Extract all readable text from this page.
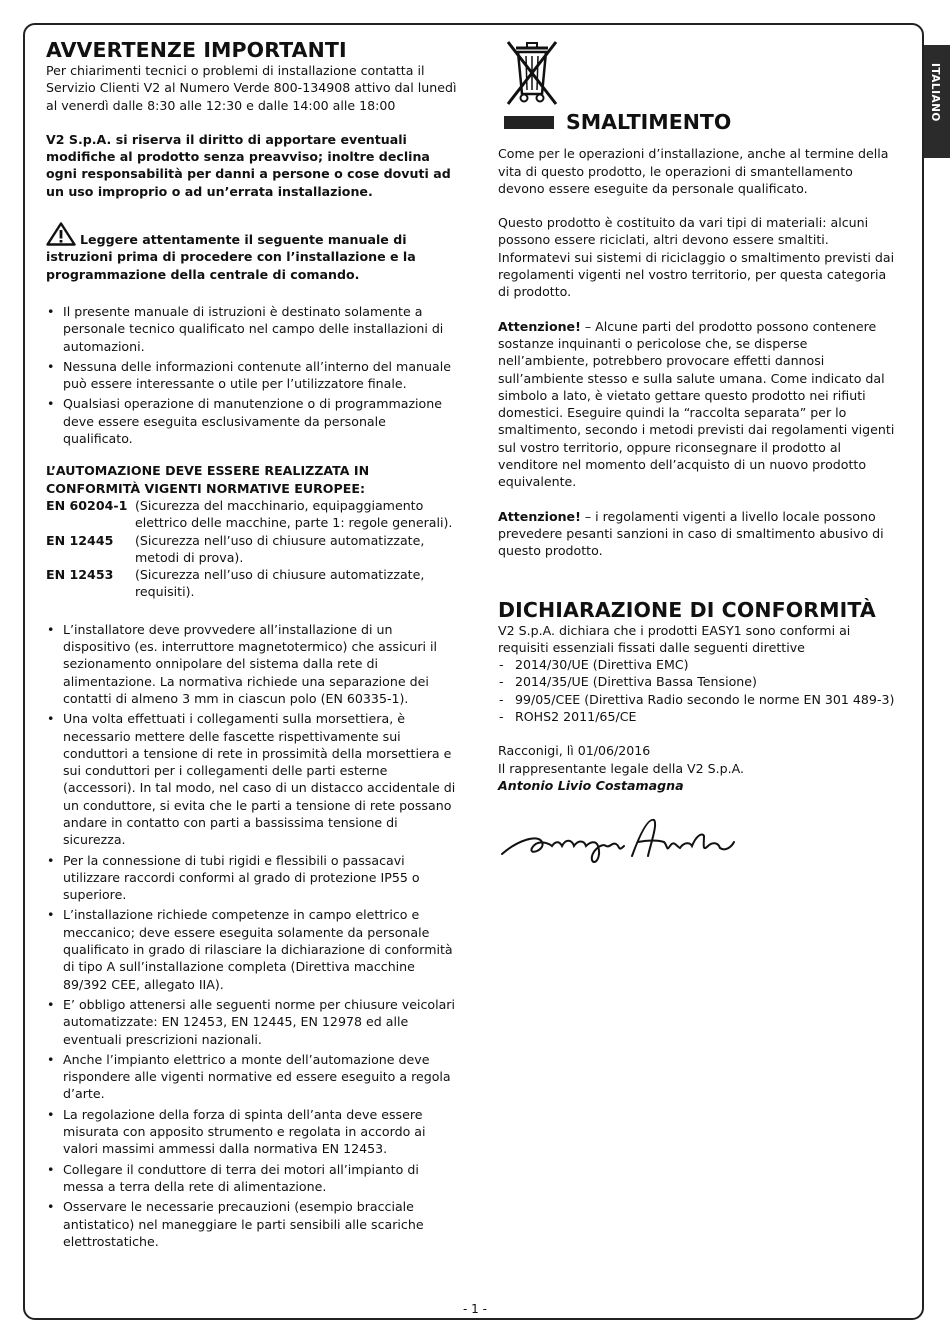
ITALIANO
AVVERTENZE IMPORTANTI

Per chiarimenti tecnici o problemi di installazione contatta il Servizio Clienti V2 al Numero Verde 800-134908 attivo dal lunedì al venerdì dalle 8:30 alle 12:30 e dalle 14:00 alle 18:00

V2 S.p.A. si riserva il diritto di apportare eventuali modifiche al prodotto senza preavviso; inoltre declina ogni responsabilità per danni a persone o cose dovuti ad un uso improprio o ad un’errata installazione.

Leggere attentamente il seguente manuale di istruzioni prima di procedere con l’installazione e la programmazione della centrale di comando.

• Il presente manuale di istruzioni è destinato solamente a personale tecnico qualificato nel campo delle installazioni di automazioni.
• Nessuna delle informazioni contenute all’interno del manuale può essere interessante o utile per l’utilizzatore finale.
• Qualsiasi operazione di manutenzione o di programmazione deve essere eseguita esclusivamente da personale qualificato.

L’AUTOMAZIONE DEVE ESSERE REALIZZATA IN CONFORMITÀ VIGENTI NORMATIVE EUROPEE:

EN 60204-1 (Sicurezza del macchinario, equipaggiamento elettrico delle macchine, parte 1: regole generali).
EN 12445	(Sicurezza nell’uso di chiusure automatizzate, metodi di prova).
EN 12453	(Sicurezza nell’uso di chiusure automatizzate, requisiti).
• L’installatore deve provvedere all’installazione di un dispositivo (es. interruttore magnetotermico) che assicuri il sezionamento onnipolare del sistema dalla rete di alimentazione. La normativa richiede una separazione dei contatti di almeno 3 mm in ciascun polo (EN 60335-1).
• Una volta effettuati i collegamenti sulla morsettiera, è necessario mettere delle fascette rispettivamente sui conduttori a tensione di rete in prossimità della morsettiera e sui conduttori per i collegamenti delle parti esterne (accessori). In tal modo, nel caso di un distacco accidentale di un conduttore, si evita che le parti a tensione di rete possano andare in contatto con parti a bassissima tensione di sicurezza.
• Per la connessione di tubi rigidi e flessibili o passacavi utilizzare raccordi conformi al grado di protezione IP55 o superiore.
• L’installazione richiede competenze in campo elettrico e meccanico; deve essere eseguita solamente da personale qualificato in grado di rilasciare la dichiarazione di conformità di tipo A sull’installazione completa (Direttiva macchine 89/392 CEE, allegato IIA).
• E’ obbligo attenersi alle seguenti norme per chiusure veicolari automatizzate: EN 12453, EN 12445, EN 12978 ed alle eventuali prescrizioni nazionali.
• Anche l’impianto elettrico a monte dell’automazione deve rispondere alle vigenti normative ed essere eseguito a regola d’arte.
• La regolazione della forza di spinta dell’anta deve essere misurata con apposito strumento e regolata in accordo ai valori massimi ammessi dalla normativa EN 12453.
• Collegare il conduttore di terra dei motori all’impianto di messa a terra della rete di alimentazione.
• Osservare le necessarie precauzioni (esempio bracciale antistatico) nel maneggiare le parti sensibili alle scariche elettrostatiche.
SMALTIMENTO

Come per le operazioni d’installazione, anche al termine della vita di questo prodotto, le operazioni di smantellamento devono essere eseguite da personale qualificato.

Questo prodotto è costituito da vari tipi di materiali: alcuni possono essere riciclati, altri devono essere smaltiti. Informatevi sui sistemi di riciclaggio o smaltimento previsti dai regolamenti vigenti nel vostro territorio, per questa categoria di prodotto.

Attenzione! – Alcune parti del prodotto possono contenere sostanze inquinanti o pericolose che, se disperse nell’ambiente, potrebbero provocare effetti dannosi sull’ambiente stesso e sulla salute umana. Come indicato dal simbolo a lato, è vietato gettare questo prodotto nei rifiuti domestici. Eseguire quindi la “raccolta separata” per lo smaltimento, secondo i metodi previsti dai regolamenti vigenti sul vostro territorio, oppure riconsegnare il prodotto al venditore nel momento dell’acquisto di un nuovo prodotto equivalente.

Attenzione! – i regolamenti vigenti a livello locale possono prevedere pesanti sanzioni in caso di smaltimento abusivo di questo prodotto.

DICHIARAZIONE DI CONFORMITÀ

V2 S.p.A. dichiara che i prodotti EASY1 sono conformi ai requisiti essenziali fissati dalle seguenti direttive

- 2014/30/UE (Direttiva EMC)
- 2014/35/UE (Direttiva Bassa Tensione)
- 99/05/CEE (Direttiva Radio secondo le norme EN 301 489-3)
- ROHS2 2011/65/CE

Racconigi, lì 01/06/2016

Il rappresentante legale della V2 S.p.A.

Antonio Livio Costamagna

- 1 -
